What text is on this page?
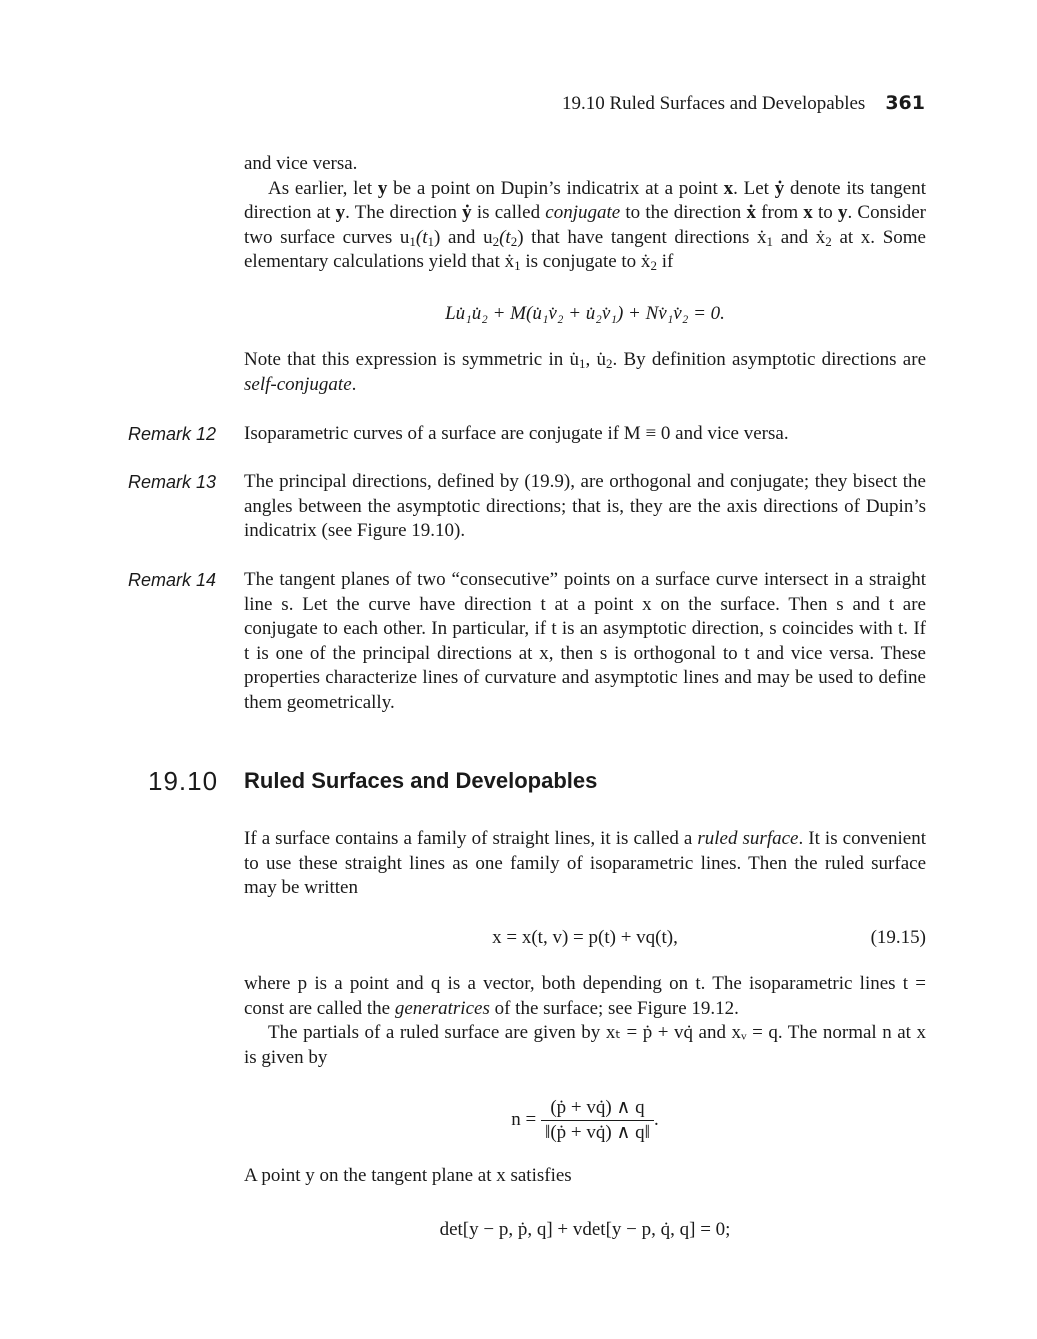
19.10 Ruled Surfaces and Developables 361

and vice versa.

As earlier, let y be a point on Dupin’s indicatrix at a point x. Let ẏ denote its tangent direction at y. The direction ẏ is called conjugate to the direction ẋ from x to y. Consider two surface curves $u_1(t_1)$ and $u_2(t_2)$ that have tangent directions ẋ$_1$ and ẋ$_2$ at x. Some elementary calculations yield that ẋ$_1$ is conjugate to ẋ$_2$ if

Lu̇₁u̇₂ + M(u̇₁v̇₂ + u̇₂v̇₁) + Nv̇₁v̇₂ = 0.

Note that this expression is symmetric in $u̇_1$, $u̇_2$. By definition asymptotic directions are self-conjugate.

Remark 12	Isoparametric curves of a surface are conjugate if M ≡ 0 and vice versa.
Remark 13	The principal directions, defined by (19.9), are orthogonal and conjugate; they bisect the angles between the asymptotic directions; that is, they are the axis directions of Dupin’s indicatrix (see Figure 19.10).
Remark 14	The tangent planes of two “consecutive” points on a surface curve intersect in a straight line s. Let the curve have direction t at a point x on the surface. Then s and t are conjugate to each other. In particular, if t is an asymptotic direction, s coincides with t. If t is one of the principal directions at x, then s is orthogonal to t and vice versa. These properties characterize lines of curvature and asymptotic lines and may be used to define them geometrically.
19.10 Ruled Surfaces and Developables

If a surface contains a family of straight lines, it is called a ruled surface. It is convenient to use these straight lines as one family of isoparametric lines. Then the ruled surface may be written

x = x(t, v) = p(t) + vq(t),	(19.15)

where p is a point and q is a vector, both depending on t. The isoparametric lines t = const are called the generatrices of the surface; see Figure 19.12.

The partials of a ruled surface are given by xₜ = ṗ + vq̇ and xᵥ = q. The normal n at x is given by

$n = \frac{\text{(ṗ + vq̇) ∧ q}}{\text{‖(ṗ + vq̇) ∧ q‖}}$ .
A point y on the tangent plane at x satisfies
det[y − p, ṗ, q] + vdet[y − p, q̇, q] = 0;
